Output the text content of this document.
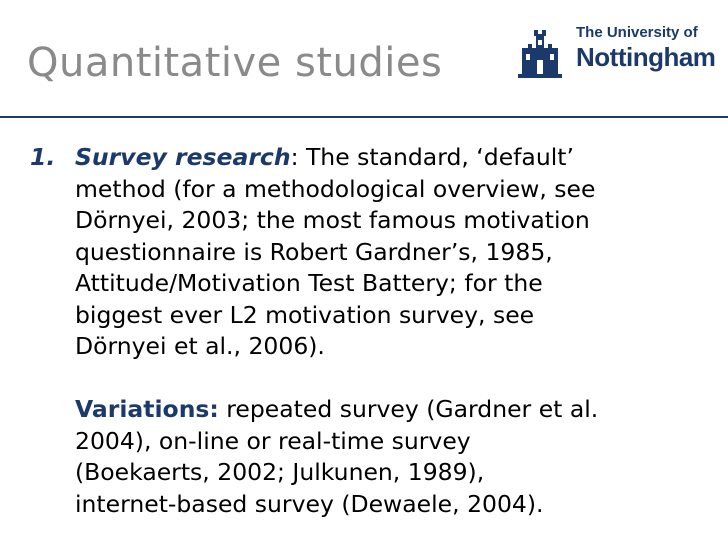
Quantitative studies
The University of
Nottingham
1. Survey research: The standard, ‘default’
method (for a methodological overview, see
Dörnyei, 2003; the most famous motivation
questionnaire is Robert Gardner’s, 1985,
Attitude/Motivation Test Battery; for the
biggest ever L2 motivation survey, see
Dörnyei et al., 2006).
Variations: repeated survey (Gardner et al.
2004), on-line or real-time survey
(Boekaerts, 2002; Julkunen, 1989),
internet-based survey (Dewaele, 2004).
